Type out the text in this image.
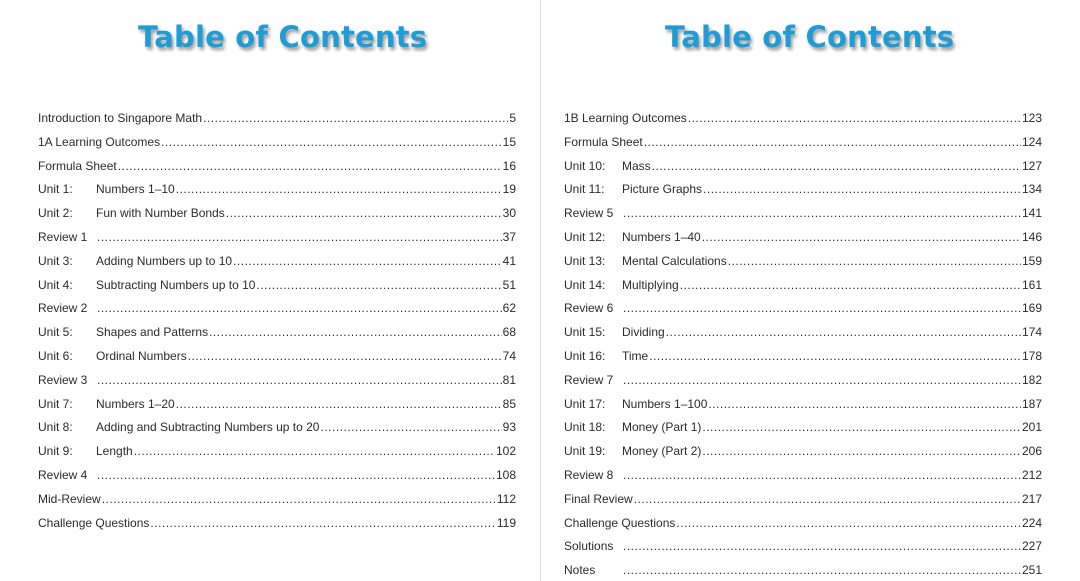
Table of Contents
Introduction to Singapore Math .....	5
1A Learning Outcomes .....	15
Formula Sheet .....	16
Unit 1:	Numbers 1–10 .....	19
Unit 2:	Fun with Number Bonds .....	30
Review 1 .....	37
Unit 3:	Adding Numbers up to 10 .....	41
Unit 4:	Subtracting Numbers up to 10 .....	51
Review 2 .....	62
Unit 5:	Shapes and Patterns .....	68
Unit 6:	Ordinal Numbers .....	74
Review 3 .....	81
Unit 7:	Numbers 1–20 .....	85
Unit 8:	Adding and Subtracting Numbers up to 20 .....	93
Unit 9:	Length .....	102
Review 4 .....	108
Mid-Review .....	112
Challenge Questions .....	119
Table of Contents
1B Learning Outcomes .....	123
Formula Sheet .....	124
Unit 10:	Mass .....	127
Unit 11:	Picture Graphs .....	134
Review 5 .....	141
Unit 12:	Numbers 1–40 .....	146
Unit 13:	Mental Calculations .....	159
Unit 14:	Multiplying .....	161
Review 6 .....	169
Unit 15:	Dividing .....	174
Unit 16:	Time .....	178
Review 7 .....	182
Unit 17:	Numbers 1–100 .....	187
Unit 18:	Money (Part 1) .....	201
Unit 19:	Money (Part 2) .....	206
Review 8 .....	212
Final Review .....	217
Challenge Questions .....	224
Solutions .....	227
Notes .....	251
